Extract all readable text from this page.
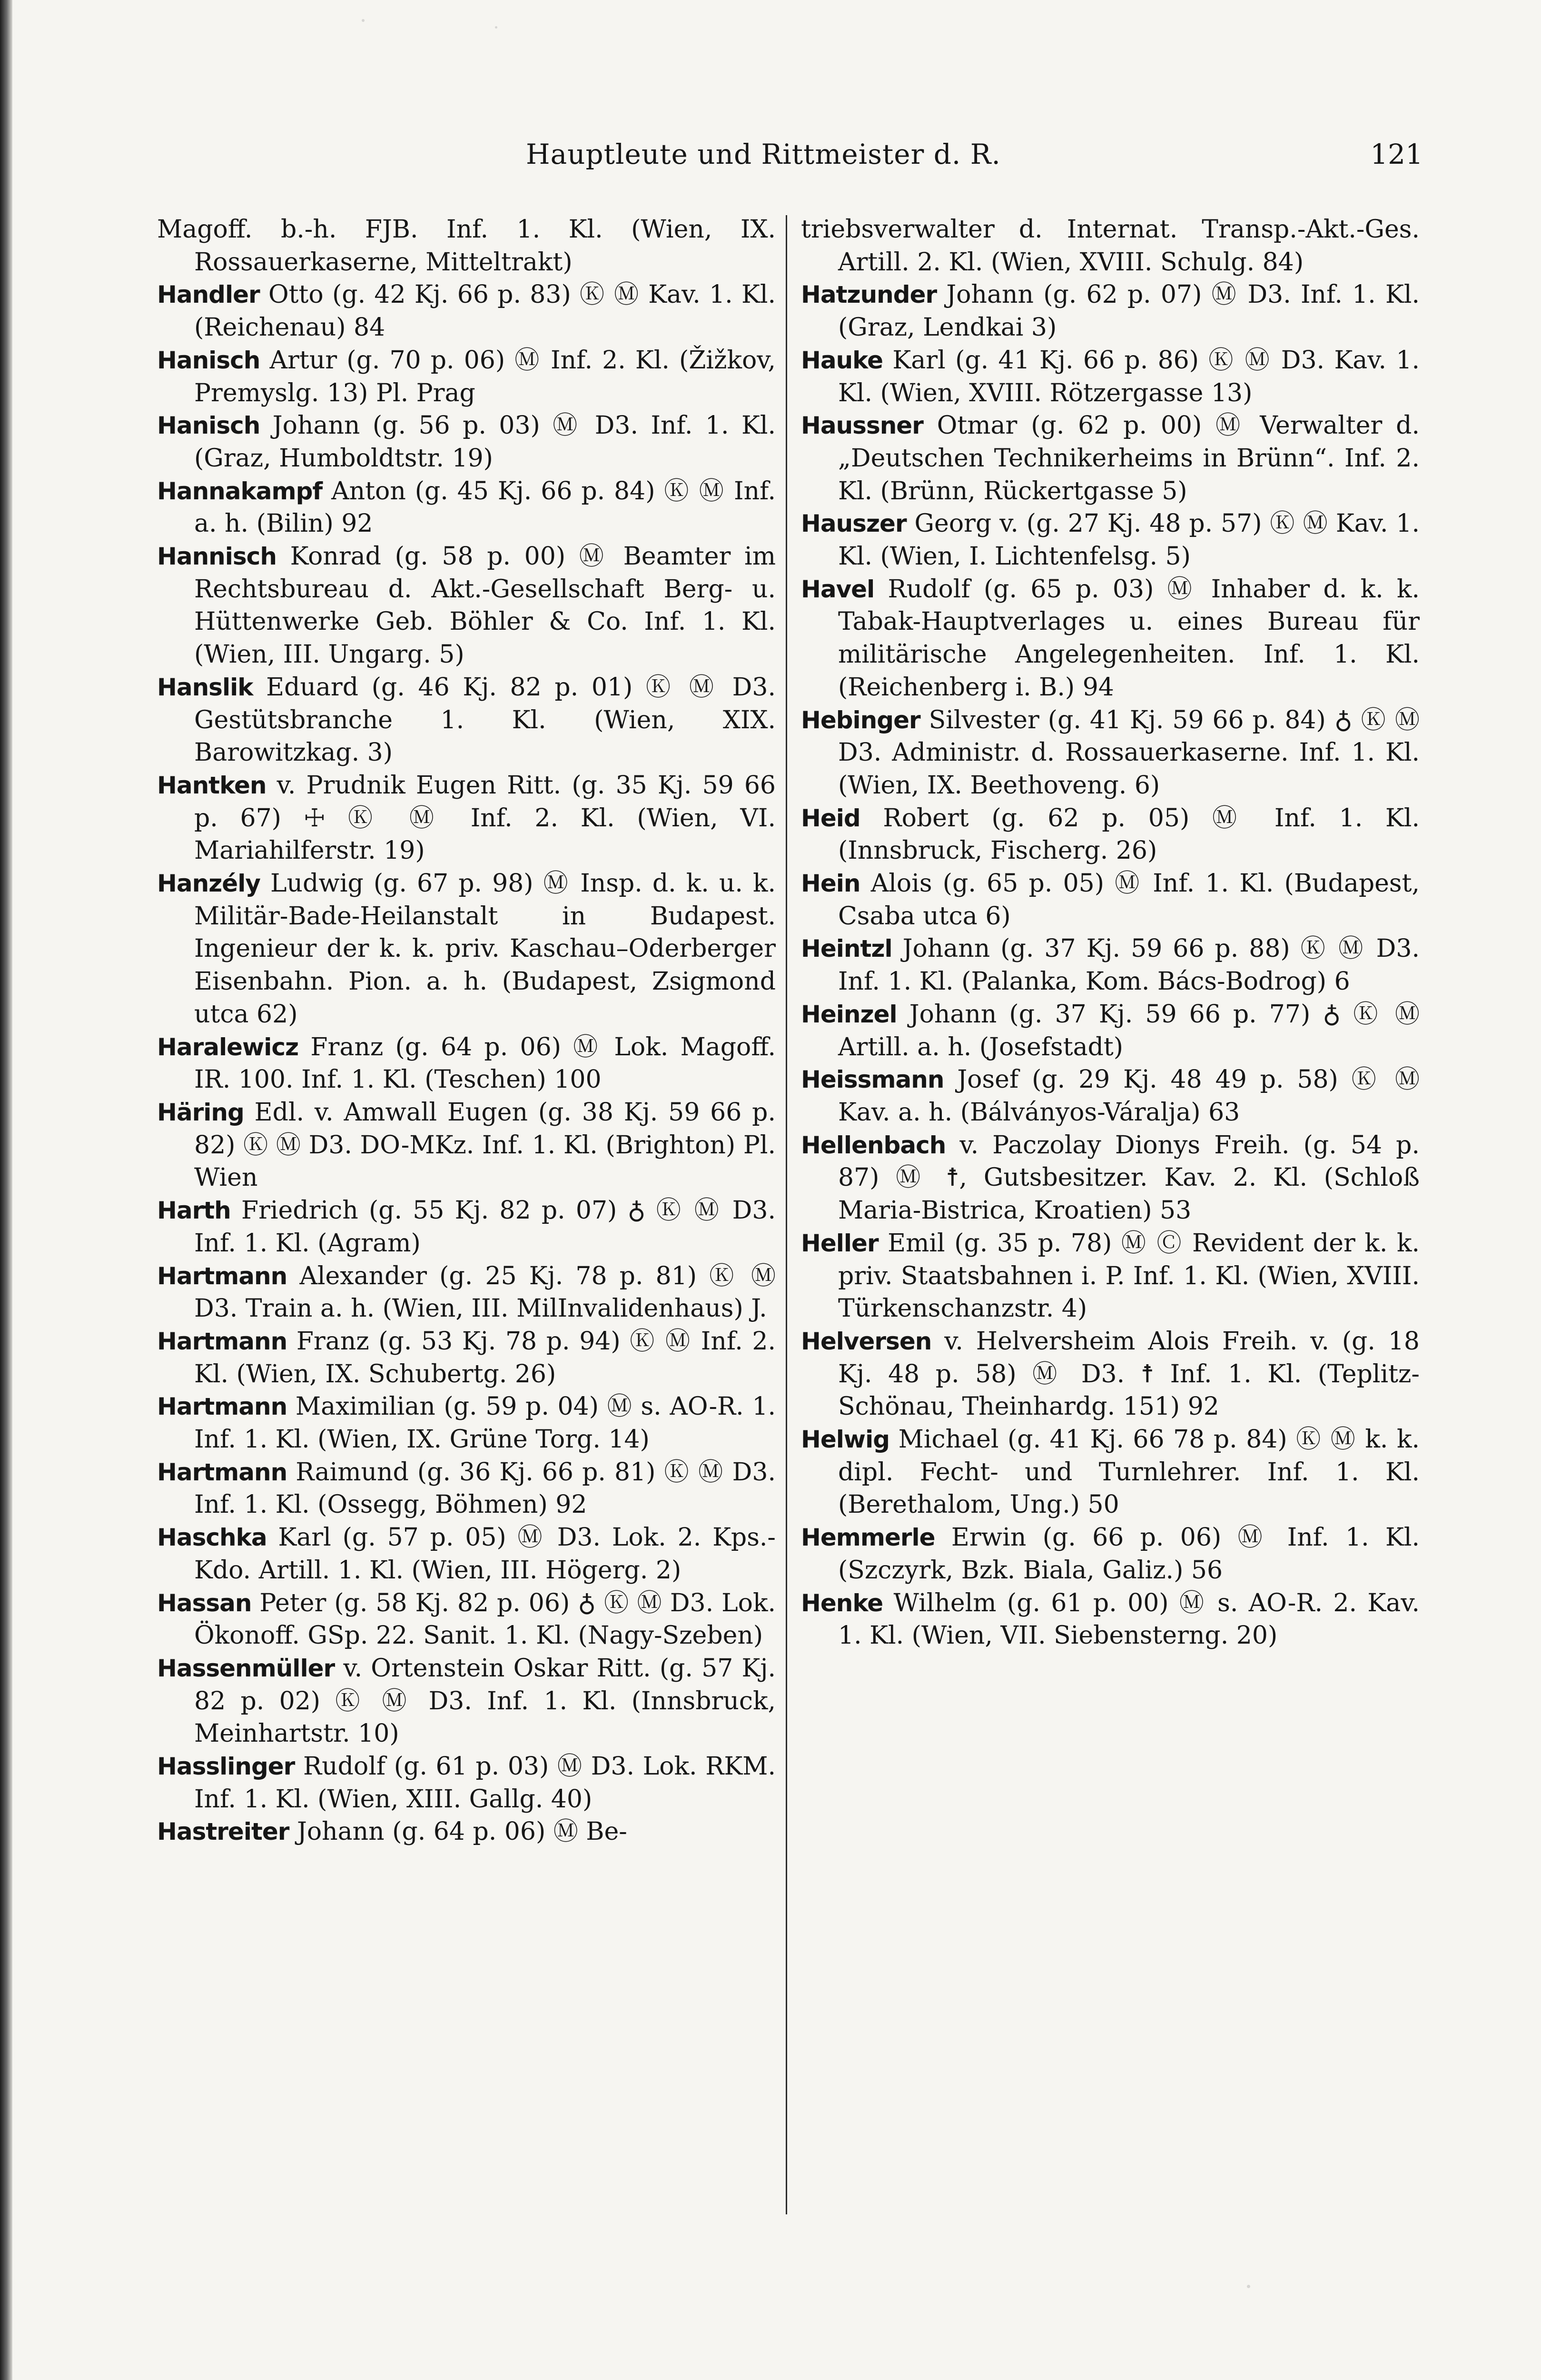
Hauptleute und Rittmeister d. R.	121

Magoff. b.-h. FJB. Inf. 1. Kl. (Wien, IX. Rossauerkaserne, Mitteltrakt)

Handler Otto (g. 42 Kj. 66 p. 83) Ⓚ Ⓜ Kav. 1. Kl. (Reichenau) 84

Hanisch Artur (g. 70 p. 06) Ⓜ Inf. 2. Kl. (Žižkov, Premyslg. 13) Pl. Prag

Hanisch Johann (g. 56 p. 03) Ⓜ D3. Inf. 1. Kl. (Graz, Humboldtstr. 19)

Hannakampf Anton (g. 45 Kj. 66 p. 84) Ⓚ Ⓜ Inf. a. h. (Bilin) 92

Hannisch Konrad (g. 58 p. 00) Ⓜ Beamter im Rechtsbureau d. Akt.-Gesellschaft Berg- u. Hüttenwerke Geb. Böhler & Co. Inf. 1. Kl. (Wien, III. Ungarg. 5)

Hanslik Eduard (g. 46 Kj. 82 p. 01) Ⓚ Ⓜ D3. Gestütsbranche 1. Kl. (Wien, XIX. Barowitzkag. 3)

Hantken v. Prudnik Eugen Ritt. (g. 35 Kj. 59 66 p. 67) ☩ Ⓚ Ⓜ Inf. 2. Kl. (Wien, VI. Mariahilferstr. 19)

Hanzély Ludwig (g. 67 p. 98) Ⓜ Insp. d. k. u. k. Militär-Bade-Heilanstalt in Budapest. Ingenieur der k. k. priv. Kaschau–Oderberger Eisenbahn. Pion. a. h. (Budapest, Zsigmond utca 62)

Haralewicz Franz (g. 64 p. 06) Ⓜ Lok. Magoff. IR. 100. Inf. 1. Kl. (Teschen) 100

Häring Edl. v. Amwall Eugen (g. 38 Kj. 59 66 p. 82) Ⓚ Ⓜ D3. DO-MKz. Inf. 1. Kl. (Brighton) Pl. Wien

Harth Friedrich (g. 55 Kj. 82 p. 07) ♁ Ⓚ Ⓜ D3. Inf. 1. Kl. (Agram)

Hartmann Alexander (g. 25 Kj. 78 p. 81) Ⓚ Ⓜ D3. Train a. h. (Wien, III. MilInvalidenhaus) J.

Hartmann Franz (g. 53 Kj. 78 p. 94) Ⓚ Ⓜ Inf. 2. Kl. (Wien, IX. Schubertg. 26)

Hartmann Maximilian (g. 59 p. 04) Ⓜ s. AO-R. 1. Inf. 1. Kl. (Wien, IX. Grüne Torg. 14)

Hartmann Raimund (g. 36 Kj. 66 p. 81) Ⓚ Ⓜ D3. Inf. 1. Kl. (Ossegg, Böhmen) 92

Haschka Karl (g. 57 p. 05) Ⓜ D3. Lok. 2. Kps.-Kdo. Artill. 1. Kl. (Wien, III. Högerg. 2)

Hassan Peter (g. 58 Kj. 82 p. 06) ♁ Ⓚ Ⓜ D3. Lok. Ökonoff. GSp. 22. Sanit. 1. Kl. (Nagy-Szeben)

Hassenmüller v. Ortenstein Oskar Ritt. (g. 57 Kj. 82 p. 02) Ⓚ Ⓜ D3. Inf. 1. Kl. (Innsbruck, Meinhartstr. 10)

Hasslinger Rudolf (g. 61 p. 03) Ⓜ D3. Lok. RKM. Inf. 1. Kl. (Wien, XIII. Gallg. 40)

Hastreiter Johann (g. 64 p. 06) Ⓜ Be-

triebsverwalter d. Internat. Transp.-Akt.-Ges. Artill. 2. Kl. (Wien, XVIII. Schulg. 84)

Hatzunder Johann (g. 62 p. 07) Ⓜ D3. Inf. 1. Kl. (Graz, Lendkai 3)

Hauke Karl (g. 41 Kj. 66 p. 86) Ⓚ Ⓜ D3. Kav. 1. Kl. (Wien, XVIII. Rötzergasse 13)

Haussner Otmar (g. 62 p. 00) Ⓜ Verwalter d. „Deutschen Technikerheims in Brünn“. Inf. 2. Kl. (Brünn, Rückertgasse 5)

Hauszer Georg v. (g. 27 Kj. 48 p. 57) Ⓚ Ⓜ Kav. 1. Kl. (Wien, I. Lichtenfelsg. 5)

Havel Rudolf (g. 65 p. 03) Ⓜ Inhaber d. k. k. Tabak-Hauptverlages u. eines Bureau für militärische Angelegenheiten. Inf. 1. Kl. (Reichenberg i. B.) 94

Hebinger Silvester (g. 41 Kj. 59 66 p. 84) ♁ Ⓚ Ⓜ D3. Administr. d. Rossauerkaserne. Inf. 1. Kl. (Wien, IX. Beethoveng. 6)

Heid Robert (g. 62 p. 05) Ⓜ Inf. 1. Kl. (Innsbruck, Fischerg. 26)

Hein Alois (g. 65 p. 05) Ⓜ Inf. 1. Kl. (Budapest, Csaba utca 6)

Heintzl Johann (g. 37 Kj. 59 66 p. 88) Ⓚ Ⓜ D3. Inf. 1. Kl. (Palanka, Kom. Bács-Bodrog) 6

Heinzel Johann (g. 37 Kj. 59 66 p. 77) ♁ Ⓚ Ⓜ Artill. a. h. (Josefstadt)

Heissmann Josef (g. 29 Kj. 48 49 p. 58) Ⓚ Ⓜ Kav. a. h. (Bálványos-Váralja) 63

Hellenbach v. Paczolay Dionys Freih. (g. 54 p. 87) Ⓜ ☨, Gutsbesitzer. Kav. 2. Kl. (Schloß Maria-Bistrica, Kroatien) 53

Heller Emil (g. 35 p. 78) Ⓜ Ⓒ Revident der k. k. priv. Staatsbahnen i. P. Inf. 1. Kl. (Wien, XVIII. Türkenschanzstr. 4)

Helversen v. Helversheim Alois Freih. v. (g. 18 Kj. 48 p. 58) Ⓜ D3. ☨ Inf. 1. Kl. (Teplitz-Schönau, Theinhardg. 151) 92

Helwig Michael (g. 41 Kj. 66 78 p. 84) Ⓚ Ⓜ k. k. dipl. Fecht- und Turnlehrer. Inf. 1. Kl. (Berethalom, Ung.) 50

Hemmerle Erwin (g. 66 p. 06) Ⓜ Inf. 1. Kl. (Szczyrk, Bzk. Biala, Galiz.) 56

Henke Wilhelm (g. 61 p. 00) Ⓜ s. AO-R. 2. Kav. 1. Kl. (Wien, VII. Siebensterng. 20)
